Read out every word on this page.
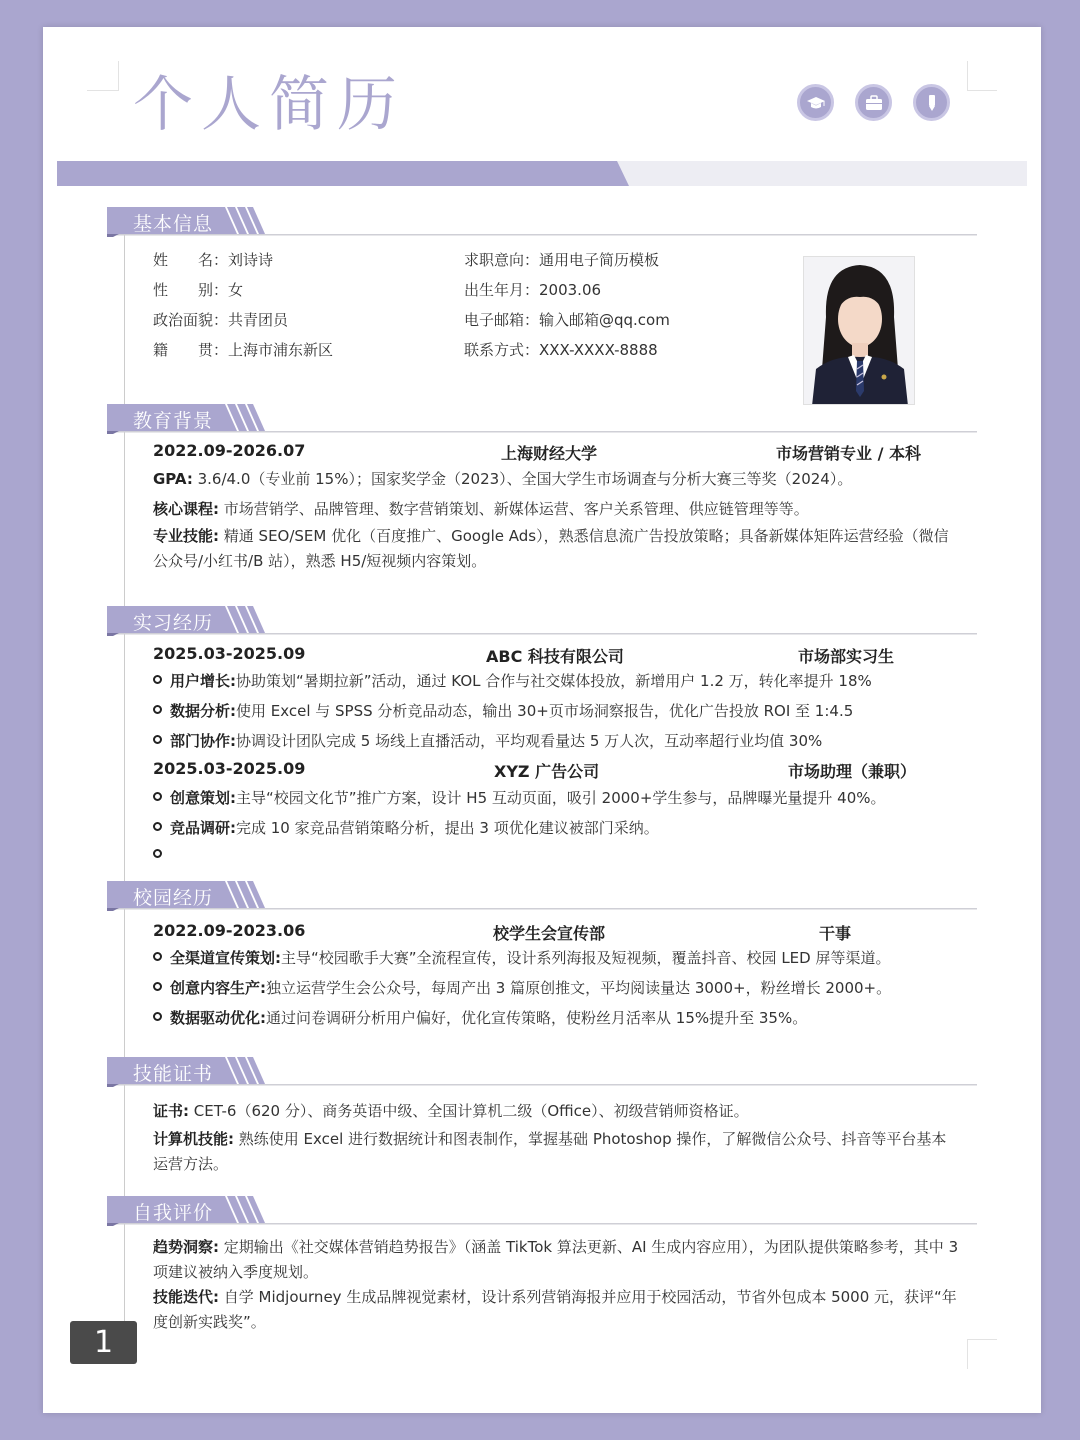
个人简历
基本信息
姓　　名：刘诗诗
性　　别：女
政治面貌：共青团员
籍　　贯：上海市浦东新区
求职意向：通用电子简历模板
出生年月：2003.06
电子邮箱：输入邮箱@qq.com
联系方式：XXX-XXXX-8888
教育背景
2022.09-2026.07	上海财经大学	市场营销专业 / 本科
GPA: 3.6/4.0（专业前 15%）；国家奖学金（2023）、全国大学生市场调查与分析大赛三等奖（2024）。
核心课程: 市场营销学、品牌管理、数字营销策划、新媒体运营、客户关系管理、供应链管理等等。
专业技能: 精通 SEO/SEM 优化（百度推广、Google Ads），熟悉信息流广告投放策略；具备新媒体矩阵运营经验（微信公众号/小红书/B 站），熟悉 H5/短视频内容策划。
实习经历
2025.03-2025.09	ABC 科技有限公司	市场部实习生
用户增长:协助策划“暑期拉新”活动，通过 KOL 合作与社交媒体投放，新增用户 1.2 万，转化率提升 18%
数据分析:使用 Excel 与 SPSS 分析竞品动态，输出 30+页市场洞察报告，优化广告投放 ROI 至 1:4.5
部门协作:协调设计团队完成 5 场线上直播活动，平均观看量达 5 万人次，互动率超行业均值 30%
2025.03-2025.09	XYZ 广告公司	市场助理（兼职）
创意策划:主导“校园文化节”推广方案，设计 H5 互动页面，吸引 2000+学生参与，品牌曝光量提升 40%。
竞品调研:完成 10 家竞品营销策略分析，提出 3 项优化建议被部门采纳。
校园经历
2022.09-2023.06	校学生会宣传部	干事
全渠道宣传策划:主导“校园歌手大赛”全流程宣传，设计系列海报及短视频，覆盖抖音、校园 LED 屏等渠道。
创意内容生产:独立运营学生会公众号，每周产出 3 篇原创推文，平均阅读量达 3000+，粉丝增长 2000+。
数据驱动优化:通过问卷调研分析用户偏好，优化宣传策略，使粉丝月活率从 15%提升至 35%。
技能证书
证书: CET-6（620 分）、商务英语中级、全国计算机二级（Office）、初级营销师资格证。
计算机技能: 熟练使用 Excel 进行数据统计和图表制作，掌握基础 Photoshop 操作，了解微信公众号、抖音等平台基本运营方法。
自我评价
趋势洞察: 定期输出《社交媒体营销趋势报告》（涵盖 TikTok 算法更新、AI 生成内容应用），为团队提供策略参考，其中 3 项建议被纳入季度规划。
技能迭代: 自学 Midjourney 生成品牌视觉素材，设计系列营销海报并应用于校园活动，节省外包成本 5000 元，获评“年度创新实践奖”。
1
